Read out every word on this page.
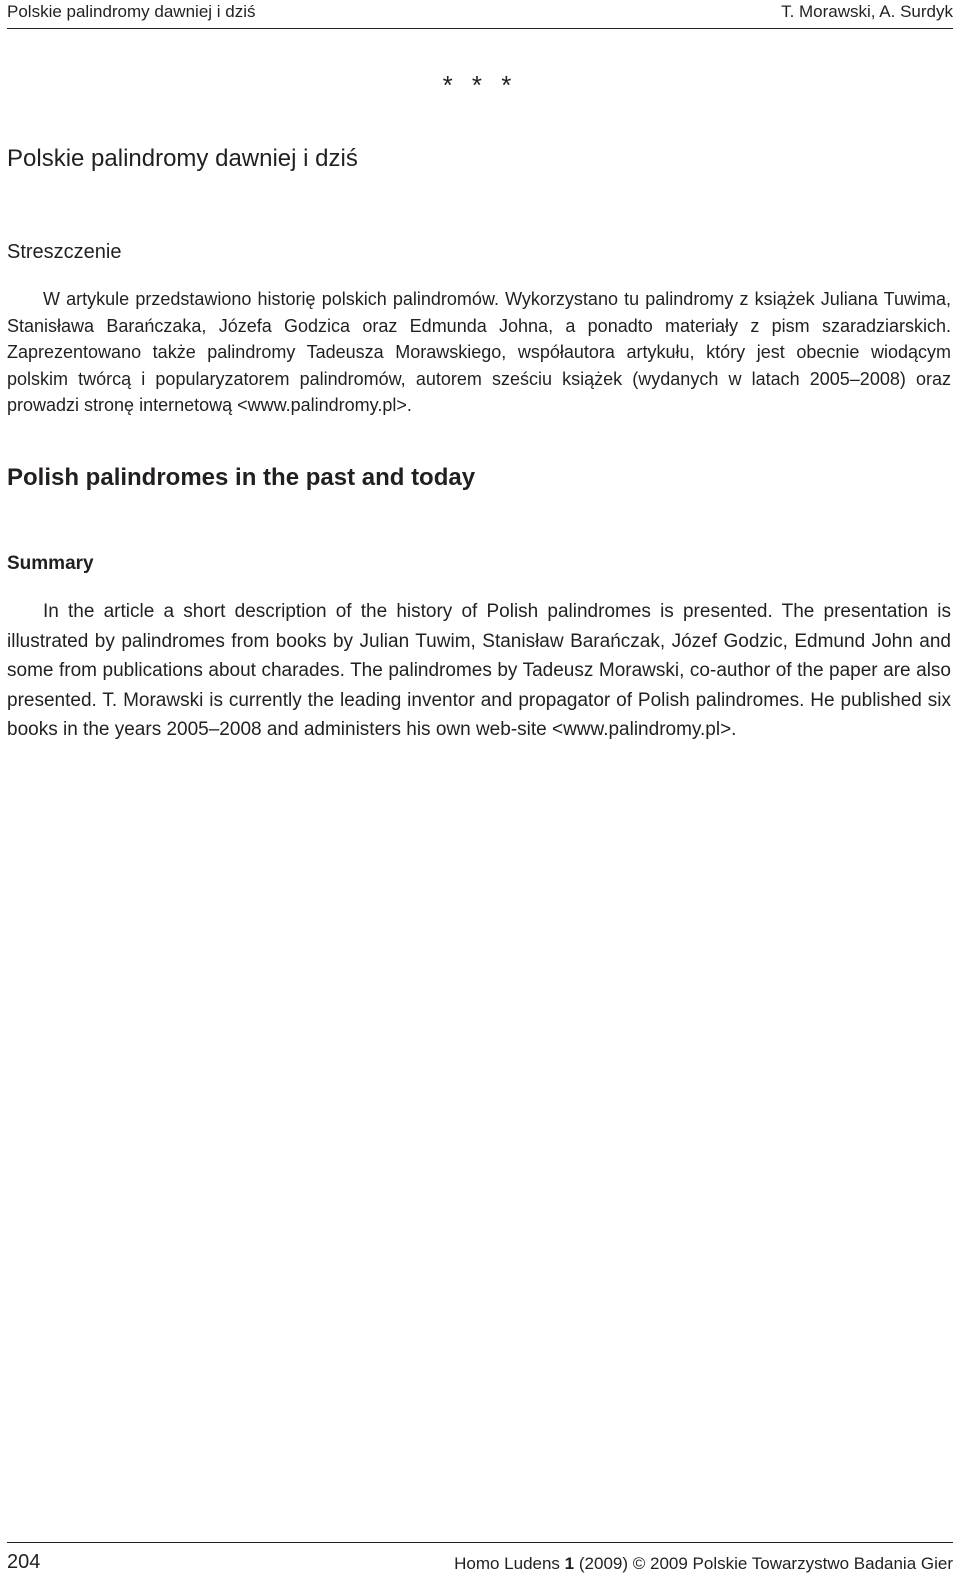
Polskie palindromy dawniej i dziś	T. Morawski, A. Surdyk
* * *
Polskie palindromy dawniej i dziś
Streszczenie

W artykule przedstawiono historię polskich palindromów. Wykorzystano tu palindromy z książek Juliana Tuwima, Stanisława Barańczaka, Józefa Godzica oraz Edmunda Johna, a ponadto materiały z pism szaradziarskich. Zaprezentowano także palindromy Tadeusza Morawskiego, współautora artykułu, który jest obecnie wiodącym polskim twórcą i popularyzatorem palindromów, autorem sześciu książek (wydanych w latach 2005–2008) oraz prowadzi stronę internetową <www.palindromy.pl>.

Polish palindromes in the past and today
Summary

In the article a short description of the history of Polish palindromes is presented. The presentation is illustrated by palindromes from books by Julian Tuwim, Stanisław Barańczak, Józef Godzic, Edmund John and some from publications about charades. The palindromes by Tadeusz Morawski, co-author of the paper are also presented. T. Morawski is currently the leading inventor and propagator of Polish palindromes. He published six books in the years 2005–2008 and administers his own web-site <www.palindromy.pl>.

204	Homo Ludens 1 (2009) © 2009 Polskie Towarzystwo Badania Gier
